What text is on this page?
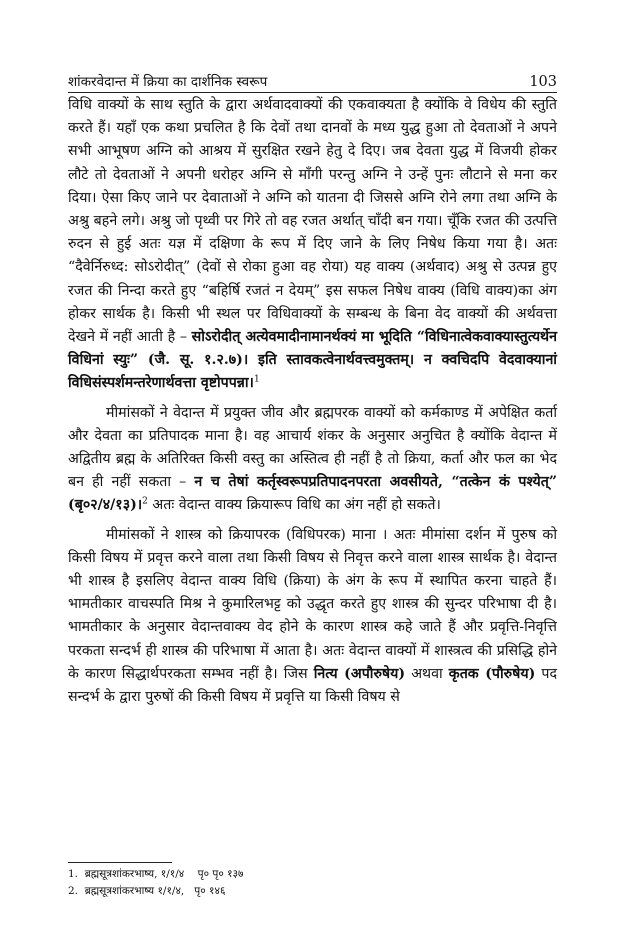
शांकरवेदान्त में क्रिया का दार्शनिक स्वरूप	103

विधि वाक्यों के साथ स्तुति के द्वारा अर्थवादवाक्यों की एकवाक्यता है क्योंकि वे विधेय की स्तुति करते हैं। यहाँ एक कथा प्रचलित है कि देवों तथा दानवों के मध्य युद्ध हुआ तो देवताओं ने अपने सभी आभूषण अग्नि को आश्रय में सुरक्षित रखने हेतु दे दिए। जब देवता युद्ध में विजयी होकर लौटे तो देवताओं ने अपनी धरोहर अग्नि से माँगी परन्तु अग्नि ने उन्हें पुनः लौटाने से मना कर दिया। ऐसा किए जाने पर देवाताओं ने अग्नि को यातना दी जिससे अग्नि रोने लगा तथा अग्नि के अश्रु बहने लगे। अश्रु जो पृथ्वी पर गिरे तो वह रजत अर्थात् चाँदी बन गया। चूँकि रजत की उत्पत्ति रुदन से हुई अतः यज्ञ में दक्षिणा के रूप में दिए जाने के लिए निषेध किया गया है। अतः “दैवेर्निरुध्द: सोऽरोदीत्” (देवों से रोका हुआ वह रोया) यह वाक्य (अर्थवाद) अश्रु से उत्पन्न हुए रजत की निन्दा करते हुए “बहिर्षि रजतं न देयम्” इस सफल निषेध वाक्य (विधि वाक्य)का अंग होकर सार्थक है। किसी भी स्थल पर विधिवाक्यों के सम्बन्ध के बिना वेद वाक्यों की अर्थवत्ता देखने में नहीं आती है – सोऽरोदीत् अत्येवमादीनामानर्थक्यं मा भूदिति “विधिनात्वेकवाक्यास्तुत्यर्थेन विधिनां स्युः” (जै. सू. १.२.७)। इति स्तावकत्वेनार्थवत्त्वमुक्तम्। न क्वचिदपि वेदवाक्यानां विधिसंस्पर्शमन्तरेणार्थवत्ता वृष्टोपपन्ना।$^1$

मीमांसकों ने वेदान्त में प्रयुक्त जीव और ब्रह्मपरक वाक्यों को कर्मकाण्ड में अपेक्षित कर्ता और देवता का प्रतिपादक माना है। वह आचार्य शंकर के अनुसार अनुचित है क्योंकि वेदान्त में अद्वितीय ब्रह्म के अतिरिक्त किसी वस्तु का अस्तित्व ही नहीं है तो क्रिया, कर्ता और फल का भेद बन ही नहीं सकता – न च तेषां कर्तृस्वरूपप्रतिपादनपरता अवसीयते, “तत्केन कं पश्येत्” (बृ०२/४/१३)।$^2$ अतः वेदान्त वाक्य क्रियारूप विधि का अंग नहीं हो सकते।

मीमांसकों ने शास्त्र को क्रियापरक (विधिपरक) माना । अतः मीमांसा दर्शन में पुरुष को किसी विषय में प्रवृत्त करने वाला तथा किसी विषय से निवृत्त करने वाला शास्त्र सार्थक है। वेदान्त भी शास्त्र है इसलिए वेदान्त वाक्य विधि (क्रिया) के अंग के रूप में स्थापित करना चाहते हैं। भामतीकार वाचस्पति मिश्र ने कुमारिलभट्ट को उद्धृत करते हुए शास्त्र की सुन्दर परिभाषा दी है। भामतीकार के अनुसार वेदान्तवाक्य वेद होने के कारण शास्त्र कहे जाते हैं और प्रवृत्ति-निवृत्ति परकता सन्दर्भ ही शास्त्र की परिभाषा में आता है। अतः वेदान्त वाक्यों में शास्त्रत्व की प्रसिद्धि होने के कारण सिद्धार्थपरकता सम्भव नहीं है। जिस नित्य (अपौरुषेय) अथवा कृतक (पौरुषेय) पद सन्दर्भ के द्वारा पुरुषों की किसी विषय में प्रवृत्ति या किसी विषय से

1.  ब्रह्मसूत्रशांकरभाष्य, १/१/४    पृ० पृ० १३७
2.  ब्रह्मसूत्रशांकरभाष्य १/१/४,   पृ० १४६
